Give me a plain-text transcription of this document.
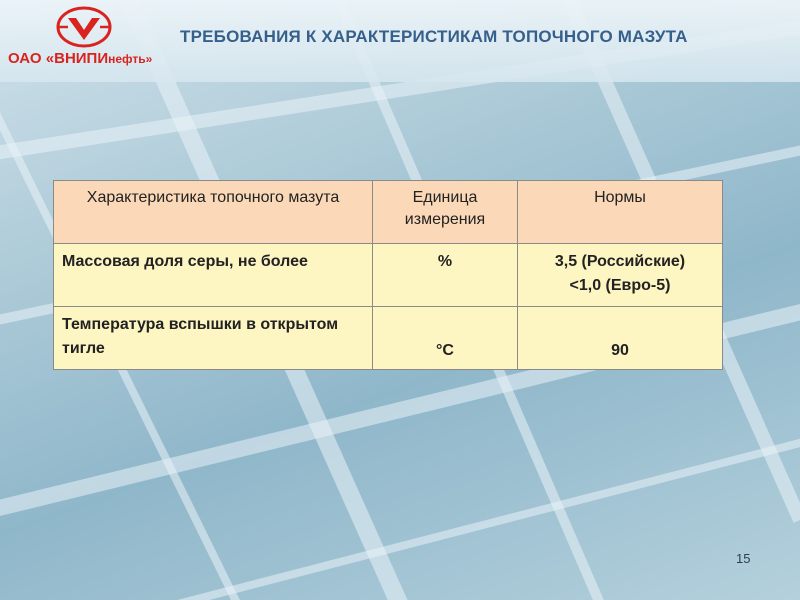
ОАО «ВНИПИнефть»
ТРЕБОВАНИЯ К ХАРАКТЕРИСТИКАМ ТОПОЧНОГО МАЗУТА
Характеристика топочного мазута	Единица измерения	Нормы
Массовая доля серы, не более	%	3,5 (Российские)
<1,0 (Евро-5)

Температура вспышки в открытом тигле	°С	90
15
